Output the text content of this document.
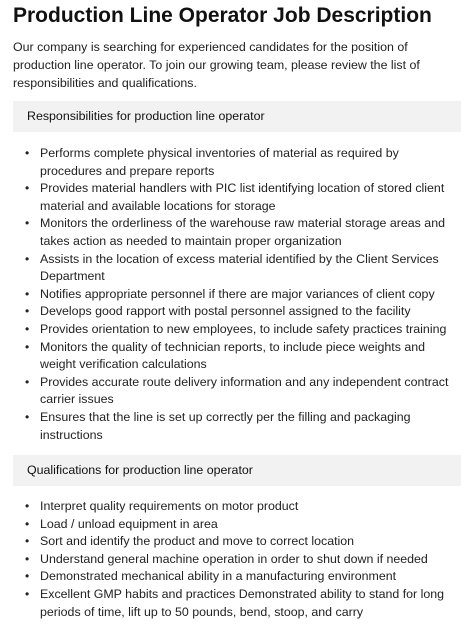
Production Line Operator Job Description

Our company is searching for experienced candidates for the position of production line operator. To join our growing team, please review the list of responsibilities and qualifications.

Responsibilities for production line operator
• Performs complete physical inventories of material as required by procedures and prepare reports
• Provides material handlers with PIC list identifying location of stored client material and available locations for storage
• Monitors the orderliness of the warehouse raw material storage areas and takes action as needed to maintain proper organization
• Assists in the location of excess material identified by the Client Services Department
• Notifies appropriate personnel if there are major variances of client copy
• Develops good rapport with postal personnel assigned to the facility
• Provides orientation to new employees, to include safety practices training
• Monitors the quality of technician reports, to include piece weights and weight verification calculations
• Provides accurate route delivery information and any independent contract carrier issues
• Ensures that the line is set up correctly per the filling and packaging instructions
Qualifications for production line operator
• Interpret quality requirements on motor product
• Load / unload equipment in area
• Sort and identify the product and move to correct location
• Understand general machine operation in order to shut down if needed
• Demonstrated mechanical ability in a manufacturing environment
• Excellent GMP habits and practices Demonstrated ability to stand for long periods of time, lift up to 50 pounds, bend, stoop, and carry
